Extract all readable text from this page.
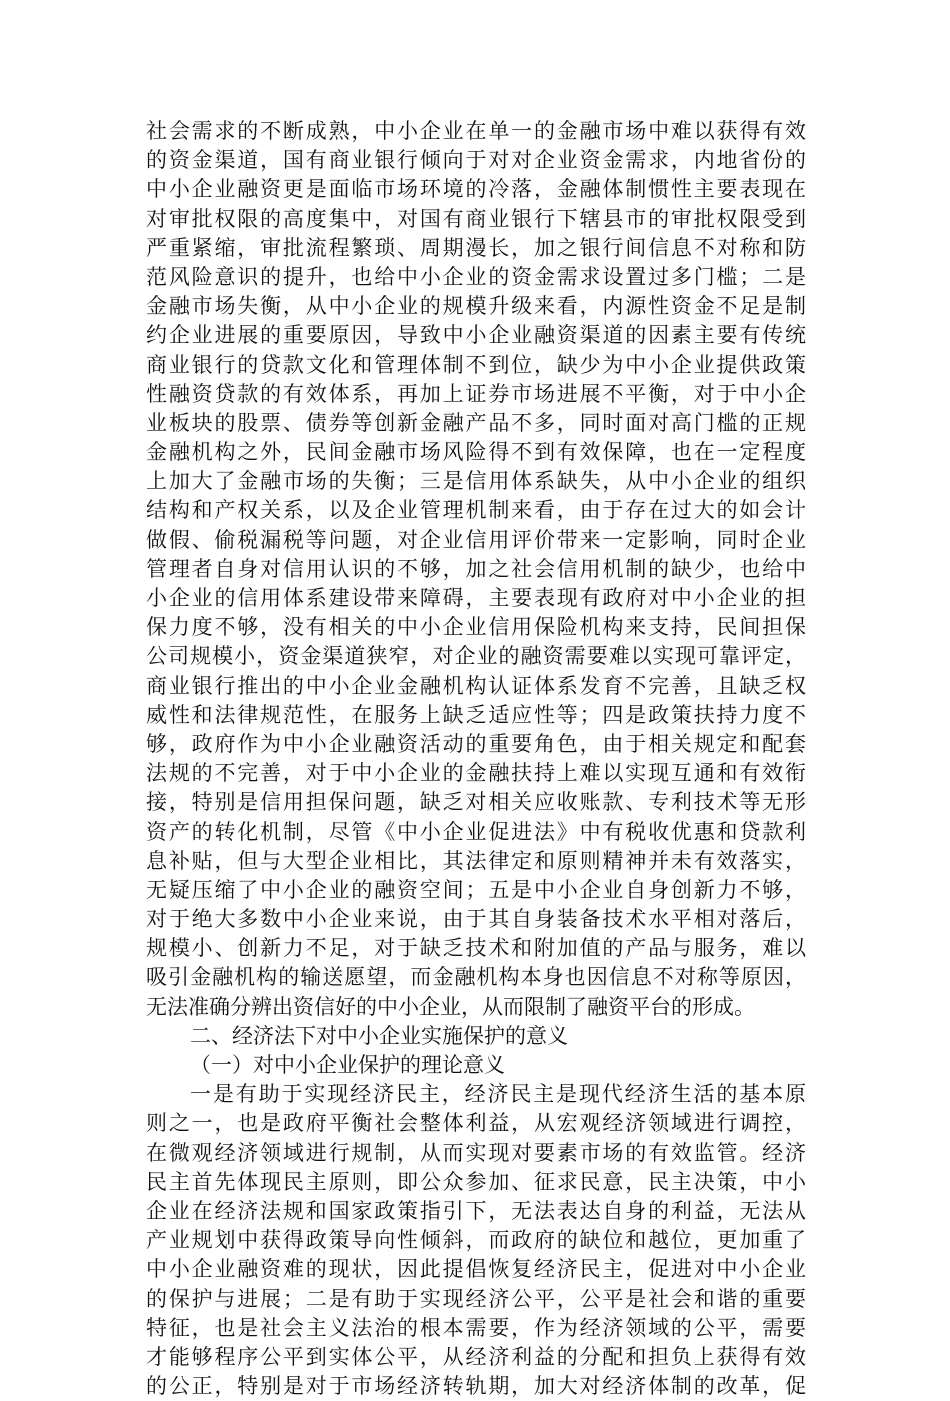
社会需求的不断成熟，中小企业在单一的金融市场中难以获得有效
的资金渠道，国有商业银行倾向于对对企业资金需求，内地省份的
中小企业融资更是面临市场环境的冷落，金融体制惯性主要表现在
对审批权限的高度集中，对国有商业银行下辖县市的审批权限受到
严重紧缩，审批流程繁琐、周期漫长，加之银行间信息不对称和防
范风险意识的提升，也给中小企业的资金需求设置过多门槛；二是
金融市场失衡，从中小企业的规模升级来看，内源性资金不足是制
约企业进展的重要原因，导致中小企业融资渠道的因素主要有传统
商业银行的贷款文化和管理体制不到位，缺少为中小企业提供政策
性融资贷款的有效体系，再加上证券市场进展不平衡，对于中小企
业板块的股票、债券等创新金融产品不多，同时面对高门槛的正规
金融机构之外，民间金融市场风险得不到有效保障，也在一定程度
上加大了金融市场的失衡；三是信用体系缺失，从中小企业的组织
结构和产权关系，以及企业管理机制来看，由于存在过大的如会计
做假、偷税漏税等问题，对企业信用评价带来一定影响，同时企业
管理者自身对信用认识的不够，加之社会信用机制的缺少，也给中
小企业的信用体系建设带来障碍，主要表现有政府对中小企业的担
保力度不够，没有相关的中小企业信用保险机构来支持，民间担保
公司规模小，资金渠道狭窄，对企业的融资需要难以实现可靠评定，
商业银行推出的中小企业金融机构认证体系发育不完善，且缺乏权
威性和法律规范性，在服务上缺乏适应性等；四是政策扶持力度不
够，政府作为中小企业融资活动的重要角色，由于相关规定和配套
法规的不完善，对于中小企业的金融扶持上难以实现互通和有效衔
接，特别是信用担保问题，缺乏对相关应收账款、专利技术等无形
资产的转化机制，尽管《中小企业促进法》中有税收优惠和贷款利
息补贴，但与大型企业相比，其法律定和原则精神并未有效落实，
无疑压缩了中小企业的融资空间；五是中小企业自身创新力不够，
对于绝大多数中小企业来说，由于其自身装备技术水平相对落后，
规模小、创新力不足，对于缺乏技术和附加值的产品与服务，难以
吸引金融机构的输送愿望，而金融机构本身也因信息不对称等原因，
无法准确分辨出资信好的中小企业，从而限制了融资平台的形成。
二、经济法下对中小企业实施保护的意义
（一）对中小企业保护的理论意义
一是有助于实现经济民主，经济民主是现代经济生活的基本原
则之一，也是政府平衡社会整体利益，从宏观经济领域进行调控，
在微观经济领域进行规制，从而实现对要素市场的有效监管。经济
民主首先体现民主原则，即公众参加、征求民意，民主决策，中小
企业在经济法规和国家政策指引下，无法表达自身的利益，无法从
产业规划中获得政策导向性倾斜，而政府的缺位和越位，更加重了
中小企业融资难的现状，因此提倡恢复经济民主，促进对中小企业
的保护与进展；二是有助于实现经济公平，公平是社会和谐的重要
特征，也是社会主义法治的根本需要，作为经济领域的公平，需要
才能够程序公平到实体公平，从经济利益的分配和担负上获得有效
的公正，特别是对于市场经济转轨期，加大对经济体制的改革，促
